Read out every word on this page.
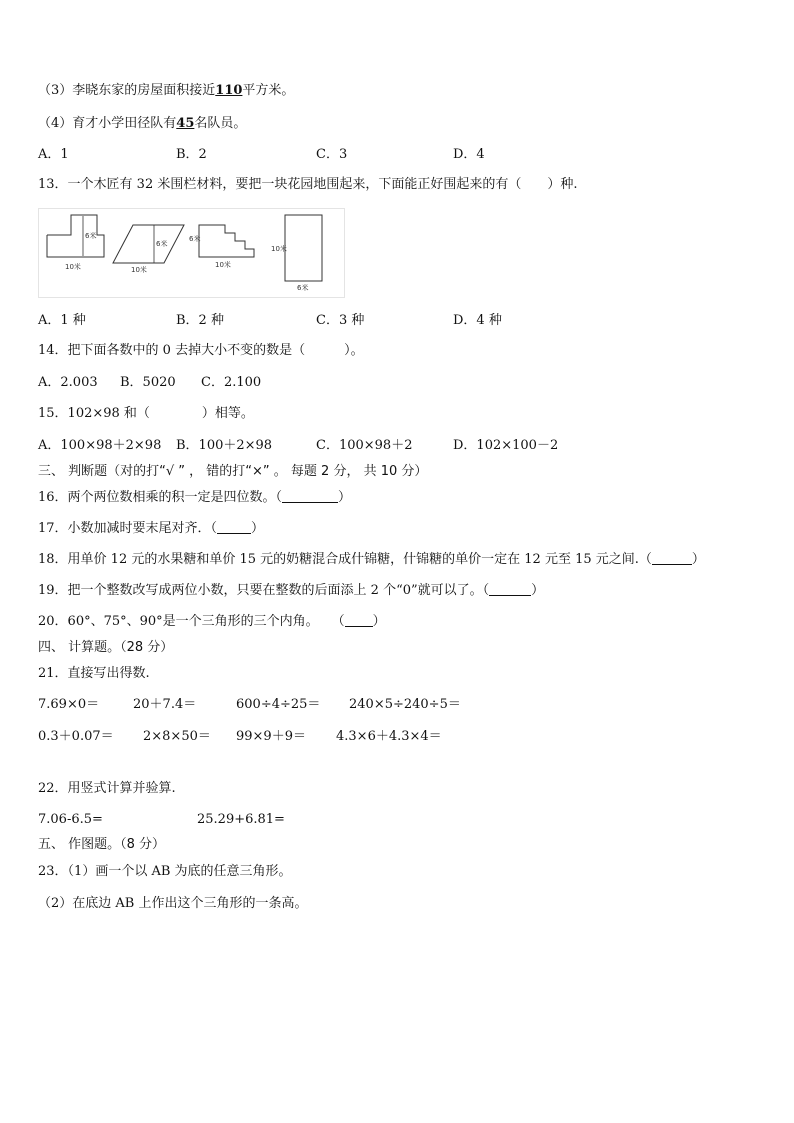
（3）李晓东家的房屋面积接近110平方米。
（4）育才小学田径队有45名队员。
A．1	B．2	C．3	D．4
13．一个木匠有 32 米围栏材料，要把一块花园地围起来，下面能正好围起来的有（　　）种.
6米
10米
6米
10米
6米
10米
10米
6米
A．1 种	B．2 种	C．3 种	D．4 种
14．把下面各数中的 0 去掉大小不变的数是（　　　）。
A．2.003 B．5020 C．2.100
15．102×98 和（　　　　）相等。
A．100×98＋2×98 B．100＋2×98	C．100×98＋2	D．102×100－2
三、 判断题（对的打“√ ” ， 错的打“×” 。 每题 2 分， 共 10 分）
16．两个两位数相乘的积一定是四位数。（	）
17．小数加减时要末尾对齐．（	）
18．用单价 12 元的水果糖和单价 15 元的奶糖混合成什锦糖，什锦糖的单价一定在 12 元至 15 元之间.（	）
19．把一个整数改写成两位小数，只要在整数的后面添上 2 个“0”就可以了。（	）
20．60°、75°、90°是一个三角形的三个内角。　　（ ）
四、 计算题。（28 分）
21．直接写出得数.
7.69×0＝	20＋7.4＝	600÷4÷25＝ 240×5÷240÷5＝
0.3＋0.07＝ 2×8×50＝ 99×9＋9＝ 4.3×6＋4.3×4＝
22．用竖式计算并验算.
7.06-6.5=	25.29+6.81=
五、 作图题。（8 分）
23．（1）画一个以 AB 为底的任意三角形。
（2）在底边 AB 上作出这个三角形的一条高。
